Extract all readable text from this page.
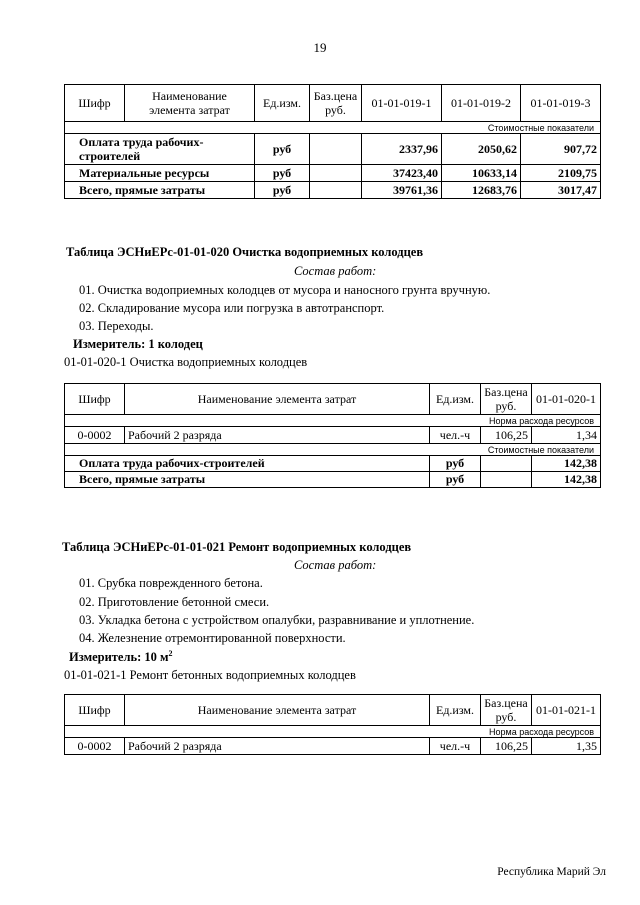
19
Шифр	Наименование элемента затрат	Ед.изм.	Баз.цена руб.	01-01-019-1	01-01-019-2	01-01-019-3
Стоимостные показатели						
Оплата труда рабочих-строителей		руб		2337,96	2050,62	907,72
Материальные ресурсы		руб		37423,40	10633,14	2109,75
Всего, прямые затраты		руб		39761,36	12683,76	3017,47
Таблица ЭСНиЕРс-01-01-020 Очистка водоприемных колодцев
Состав работ:
01. Очистка водоприемных колодцев от мусора и наносного грунта вручную.
02. Складирование мусора или погрузка в автотранспорт.
03. Переходы.
Измеритель: 1 колодец
01-01-020-1 Очистка водоприемных колодцев
Шифр	Наименование элемента затрат	Ед.изм.	Баз.цена руб.	01-01-020-1
Норма расхода ресурсов				
0-0002	Рабочий 2 разряда	чел.-ч	106,25	1,34
Стоимостные показатели				
Оплата труда рабочих-строителей		руб		142,38
Всего, прямые затраты		руб		142,38
Таблица ЭСНиЕРс-01-01-021 Ремонт водоприемных колодцев
Состав работ:
01. Срубка поврежденного бетона.
02. Приготовление бетонной смеси.
03. Укладка бетона с устройством опалубки, разравнивание и уплотнение.
04. Железнение отремонтированной поверхности.
Измеритель: 10 $м^2$
01-01-021-1 Ремонт бетонных водоприемных колодцев
Шифр	Наименование элемента затрат	Ед.изм.	Баз.цена руб.	01-01-021-1
Норма расхода ресурсов				
0-0002	Рабочий 2 разряда	чел.-ч	106,25	1,35
Республика Марий Эл
